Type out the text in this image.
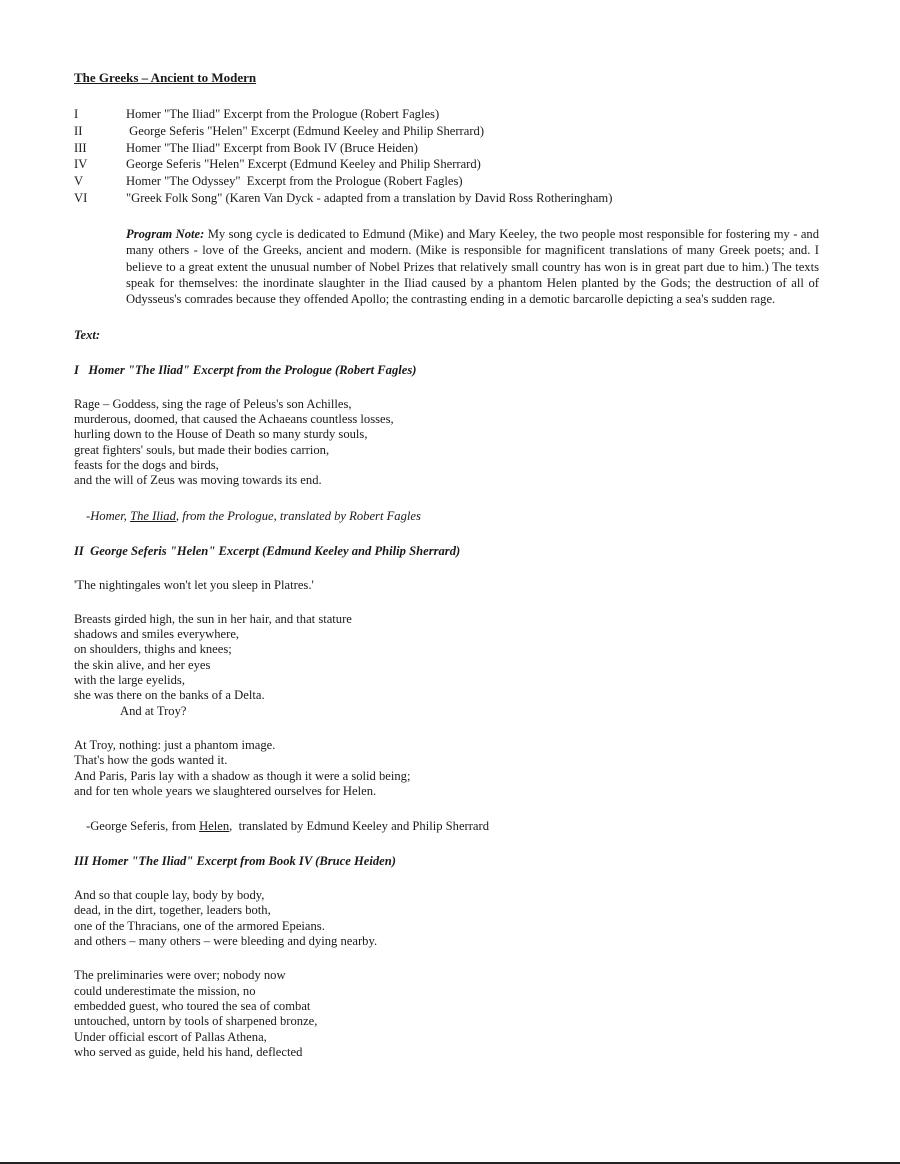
The Greeks – Ancient to Modern
I	Homer "The Iliad" Excerpt from the Prologue (Robert Fagles)
II	George Seferis "Helen" Excerpt (Edmund Keeley and Philip Sherrard)
III	Homer "The Iliad" Excerpt from Book IV (Bruce Heiden)
IV	George Seferis "Helen" Excerpt (Edmund Keeley and Philip Sherrard)
V	Homer "The Odyssey"  Excerpt from the Prologue (Robert Fagles)
VI	"Greek Folk Song" (Karen Van Dyck - adapted from a translation by David Ross Rotheringham)

Program Note: My song cycle is dedicated to Edmund (Mike) and Mary Keeley, the two people most responsible for fostering my - and many others - love of the Greeks, ancient and modern. (Mike is responsible for magnificent translations of many Greek poets; and. I believe to a great extent the unusual number of Nobel Prizes that relatively small country has won is in great part due to him.) The texts speak for themselves: the inordinate slaughter in the Iliad caused by a phantom Helen planted by the Gods; the destruction of all of Odysseus's comrades because they offended Apollo; the contrasting ending in a demotic barcarolle depicting a sea's sudden rage.

Text:
I   Homer "The Iliad" Excerpt from the Prologue (Robert Fagles)
Rage – Goddess, sing the rage of Peleus's son Achilles,
murderous, doomed, that caused the Achaeans countless losses,
hurling down to the House of Death so many sturdy souls,
great fighters' souls, but made their bodies carrion,
feasts for the dogs and birds,
and the will of Zeus was moving towards its end.
-Homer, The Iliad, from the Prologue, translated by Robert Fagles
II  George Seferis "Helen" Excerpt (Edmund Keeley and Philip Sherrard)
'The nightingales won't let you sleep in Platres.'
Breasts girded high, the sun in her hair, and that stature
shadows and smiles everywhere,
on shoulders, thighs and knees;
the skin alive, and her eyes
with the large eyelids,
she was there on the banks of a Delta.
And at Troy?
At Troy, nothing: just a phantom image.
That's how the gods wanted it.
And Paris, Paris lay with a shadow as though it were a solid being;
and for ten whole years we slaughtered ourselves for Helen.
-George Seferis, from Helen,  translated by Edmund Keeley and Philip Sherrard
III Homer "The Iliad" Excerpt from Book IV (Bruce Heiden)
And so that couple lay, body by body,
dead, in the dirt, together, leaders both,
one of the Thracians, one of the armored Epeians.
and others – many others – were bleeding and dying nearby.
The preliminaries were over; nobody now
could underestimate the mission, no
embedded guest, who toured the sea of combat
untouched, untorn by tools of sharpened bronze,
Under official escort of Pallas Athena,
who served as guide, held his hand, deflected
